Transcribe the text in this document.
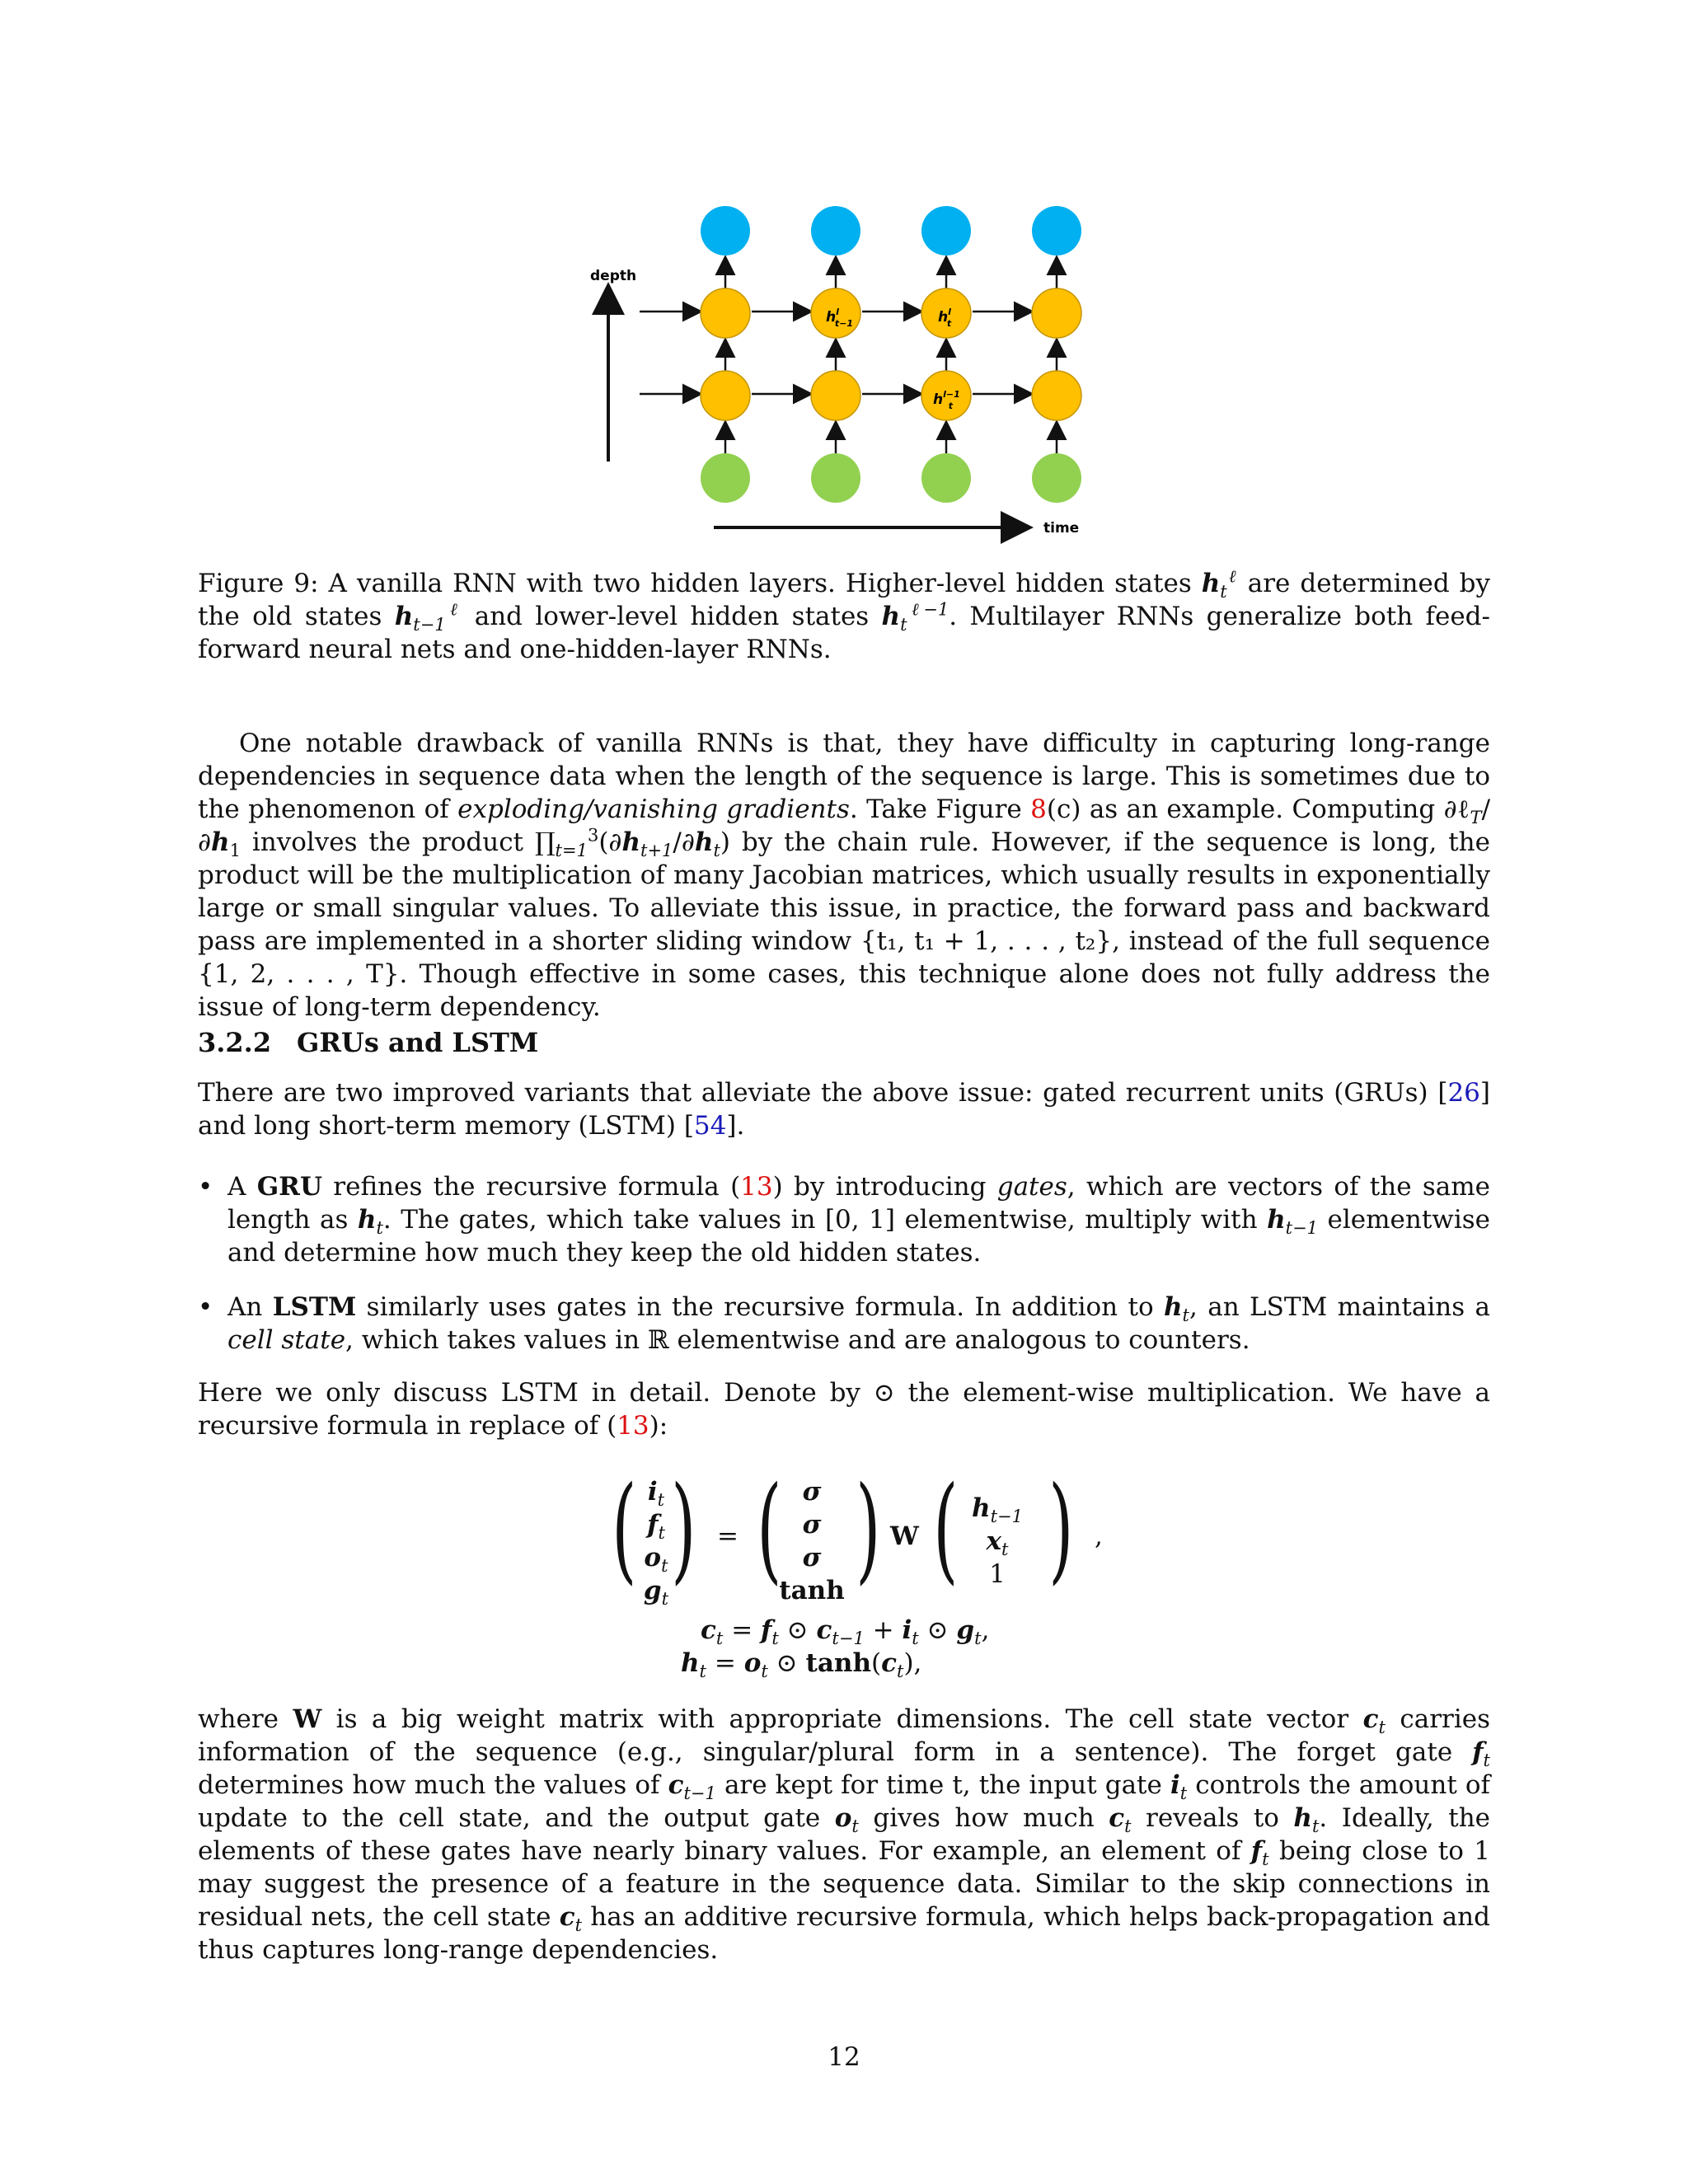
depth
time
$h^l$ t−1	$h^l$ t
$h^{l-1}$ t

Figure 9: A vanilla RNN with two hidden layers. Higher-level hidden states $h_t^\ell$ are determined by the old states $h_{t-1}^\ell$ and lower-level hidden states $h_t^{\ell-1}$. Multilayer RNNs generalize both feed-forward neural nets and one-hidden-layer RNNs.

One notable drawback of vanilla RNNs is that, they have difficulty in capturing long-range dependencies in sequence data when the length of the sequence is large. This is sometimes due to the phenomenon of exploding/vanishing gradients. Take Figure 8(c) as an example. Computing $\partial\ell_T/\partial h_1$ involves the product $\prod_{t=1}^3(\partial h_{t+1}/\partial h_t)$ by the chain rule. However, if the sequence is long, the product will be the multiplication of many Jacobian matrices, which usually results in exponentially large or small singular values. To alleviate this issue, in practice, the forward pass and backward pass are implemented in a shorter sliding window {t₁, t₁ + 1, . . . , t₂}, instead of the full sequence {1, 2, . . . , T}. Though effective in some cases, this technique alone does not fully address the issue of long-term dependency.

3.2.2 GRUs and LSTM

There are two improved variants that alleviate the above issue: gated recurrent units (GRUs) [26] and long short-term memory (LSTM) [54].

• A GRU refines the recursive formula (13) by introducing gates, which are vectors of the same length as $h_t$. The gates, which take values in [0, 1] elementwise, multiply with $h_{t-1}$ elementwise and determine how much they keep the old hidden states.

• An LSTM similarly uses gates in the recursive formula. In addition to $h_t$, an LSTM maintains a cell state, which takes values in ℝ elementwise and are analogous to counters.

Here we only discuss LSTM in detail. Denote by ⊙ the element-wise multiplication. We have a recursive formula in replace of (13):

( $i_t$
$f_t$
$o_t$
$g_t$
) = ( σ
σ
σ
tanh ) W ( $h_{t-1}$
$x_t$
1 ) ,
$c_t = f_t$ ⊙ $c_{t-1} + i_t$ ⊙ $g_t$,
$h_t = o_t$ ⊙ $\tanh(c_t)$,

where W is a big weight matrix with appropriate dimensions. The cell state vector $c_t$ carries information of the sequence (e.g., singular/plural form in a sentence). The forget gate $f_t$ determines how much the values of $c_{t-1}$ are kept for time t, the input gate $i_t$ controls the amount of update to the cell state, and the output gate $o_t$ gives how much $c_t$ reveals to $h_t$. Ideally, the elements of these gates have nearly binary values. For example, an element of $f_t$ being close to 1 may suggest the presence of a feature in the sequence data. Similar to the skip connections in residual nets, the cell state $c_t$ has an additive recursive formula, which helps back-propagation and thus captures long-range dependencies.

12
